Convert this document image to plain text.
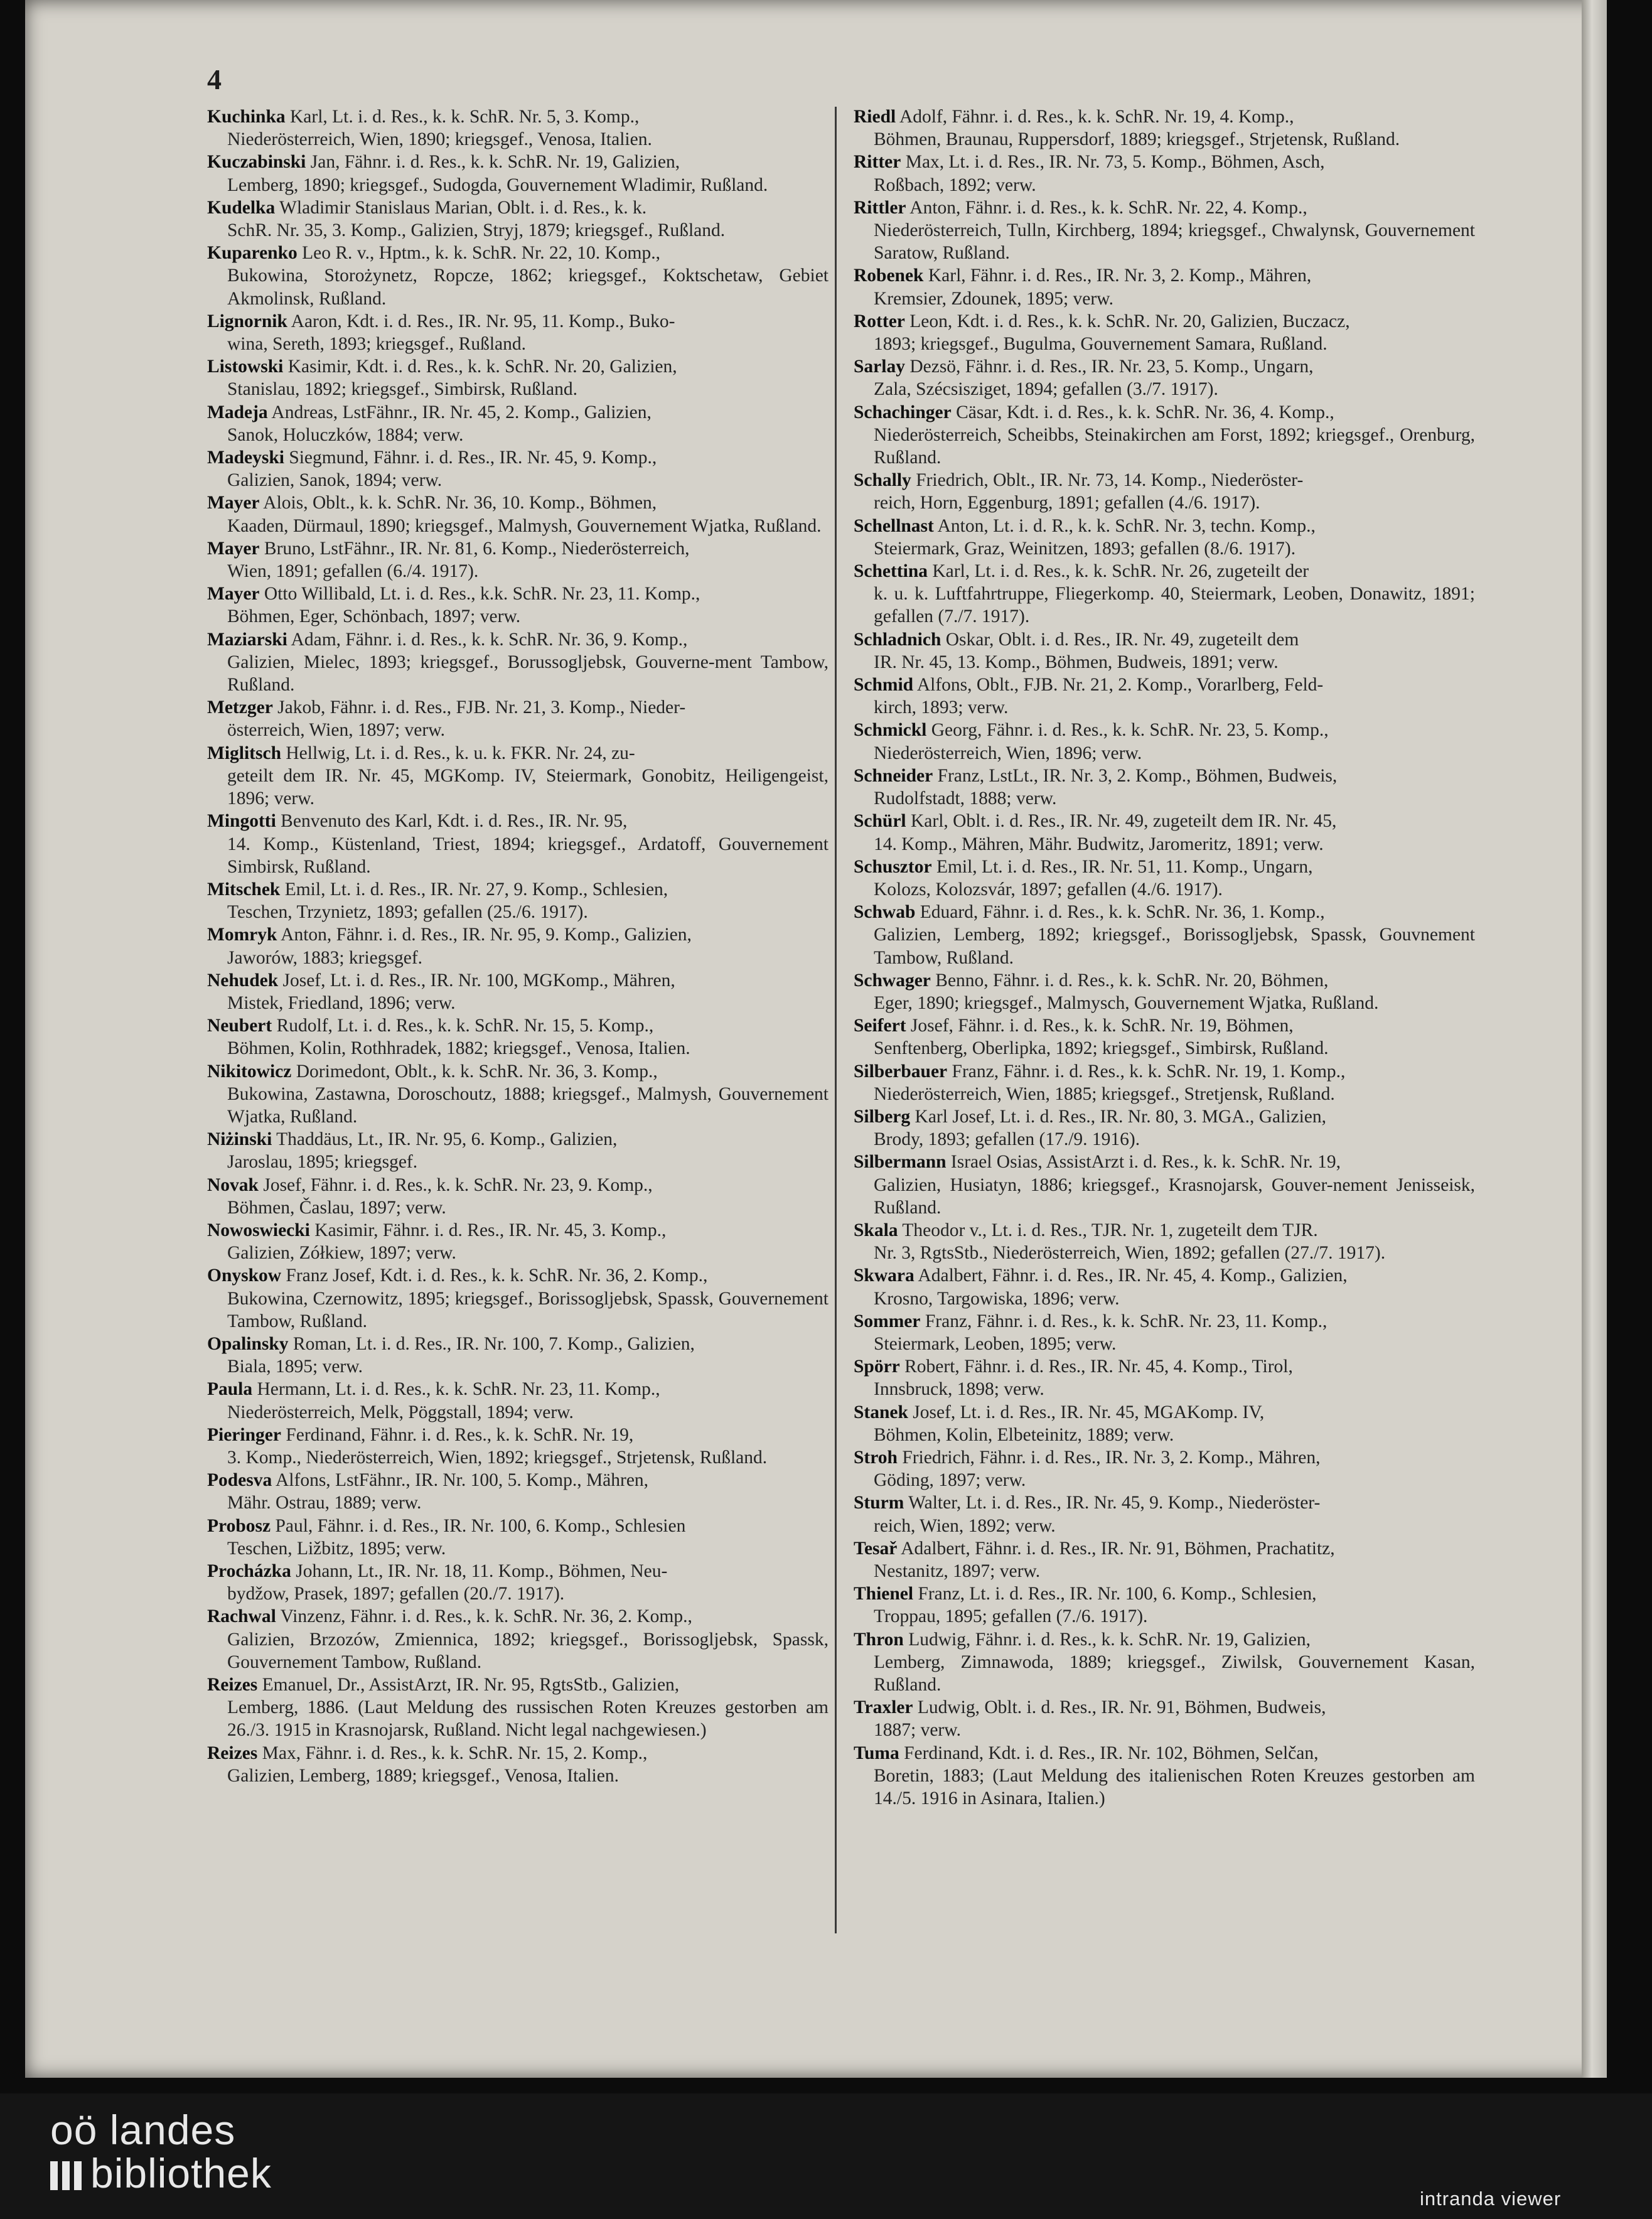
4
Kuchinka Karl, Lt. i. d. Res., k. k. SchR. Nr. 5, 3. Komp.,
Niederösterreich, Wien, 1890; kriegsgef., Venosa, Italien.
Kuczabinski Jan, Fähnr. i. d. Res., k. k. SchR. Nr. 19, Galizien,
Lemberg, 1890; kriegsgef., Sudogda, Gouvernement Wladimir, Rußland.
Kudelka Wladimir Stanislaus Marian, Oblt. i. d. Res., k. k.
SchR. Nr. 35, 3. Komp., Galizien, Stryj, 1879; kriegsgef., Rußland.
Kuparenko Leo R. v., Hptm., k. k. SchR. Nr. 22, 10. Komp.,
Bukowina, Storożynetz, Ropcze, 1862; kriegsgef., Koktschetaw, Gebiet Akmolinsk, Rußland.
Lignornik Aaron, Kdt. i. d. Res., IR. Nr. 95, 11. Komp., Buko-
wina, Sereth, 1893; kriegsgef., Rußland.
Listowski Kasimir, Kdt. i. d. Res., k. k. SchR. Nr. 20, Galizien,
Stanislau, 1892; kriegsgef., Simbirsk, Rußland.
Madeja Andreas, LstFähnr., IR. Nr. 45, 2. Komp., Galizien,
Sanok, Holuczków, 1884; verw.
Madeyski Siegmund, Fähnr. i. d. Res., IR. Nr. 45, 9. Komp.,
Galizien, Sanok, 1894; verw.
Mayer Alois, Oblt., k. k. SchR. Nr. 36, 10. Komp., Böhmen,
Kaaden, Dürmaul, 1890; kriegsgef., Malmysh, Gouvernement Wjatka, Rußland.
Mayer Bruno, LstFähnr., IR. Nr. 81, 6. Komp., Niederösterreich,
Wien, 1891; gefallen (6./4. 1917).
Mayer Otto Willibald, Lt. i. d. Res., k.k. SchR. Nr. 23, 11. Komp.,
Böhmen, Eger, Schönbach, 1897; verw.
Maziarski Adam, Fähnr. i. d. Res., k. k. SchR. Nr. 36, 9. Komp.,
Galizien, Mielec, 1893; kriegsgef., Borussogljebsk, Gouverne-ment Tambow, Rußland.
Metzger Jakob, Fähnr. i. d. Res., FJB. Nr. 21, 3. Komp., Nieder-
österreich, Wien, 1897; verw.
Miglitsch Hellwig, Lt. i. d. Res., k. u. k. FKR. Nr. 24, zu-
geteilt dem IR. Nr. 45, MGKomp. IV, Steiermark, Gonobitz, Heiligengeist, 1896; verw.
Mingotti Benvenuto des Karl, Kdt. i. d. Res., IR. Nr. 95,
14. Komp., Küstenland, Triest, 1894; kriegsgef., Ardatoff, Gouvernement Simbirsk, Rußland.
Mitschek Emil, Lt. i. d. Res., IR. Nr. 27, 9. Komp., Schlesien,
Teschen, Trzynietz, 1893; gefallen (25./6. 1917).
Momryk Anton, Fähnr. i. d. Res., IR. Nr. 95, 9. Komp., Galizien,
Jaworów, 1883; kriegsgef.
Nehudek Josef, Lt. i. d. Res., IR. Nr. 100, MGKomp., Mähren,
Mistek, Friedland, 1896; verw.
Neubert Rudolf, Lt. i. d. Res., k. k. SchR. Nr. 15, 5. Komp.,
Böhmen, Kolin, Rothhradek, 1882; kriegsgef., Venosa, Italien.
Nikitowicz Dorimedont, Oblt., k. k. SchR. Nr. 36, 3. Komp.,
Bukowina, Zastawna, Doroschoutz, 1888; kriegsgef., Malmysh, Gouvernement Wjatka, Rußland.
Niżinski Thaddäus, Lt., IR. Nr. 95, 6. Komp., Galizien,
Jaroslau, 1895; kriegsgef.
Novak Josef, Fähnr. i. d. Res., k. k. SchR. Nr. 23, 9. Komp.,
Böhmen, Časlau, 1897; verw.
Nowoswiecki Kasimir, Fähnr. i. d. Res., IR. Nr. 45, 3. Komp.,
Galizien, Zółkiew, 1897; verw.
Onyskow Franz Josef, Kdt. i. d. Res., k. k. SchR. Nr. 36, 2. Komp.,
Bukowina, Czernowitz, 1895; kriegsgef., Borissogljebsk, Spassk, Gouvernement Tambow, Rußland.
Opalinsky Roman, Lt. i. d. Res., IR. Nr. 100, 7. Komp., Galizien,
Biala, 1895; verw.
Paula Hermann, Lt. i. d. Res., k. k. SchR. Nr. 23, 11. Komp.,
Niederösterreich, Melk, Pöggstall, 1894; verw.
Pieringer Ferdinand, Fähnr. i. d. Res., k. k. SchR. Nr. 19,
3. Komp., Niederösterreich, Wien, 1892; kriegsgef., Strjetensk, Rußland.
Podesva Alfons, LstFähnr., IR. Nr. 100, 5. Komp., Mähren,
Mähr. Ostrau, 1889; verw.
Probosz Paul, Fähnr. i. d. Res., IR. Nr. 100, 6. Komp., Schlesien
Teschen, Ližbitz, 1895; verw.
Procházka Johann, Lt., IR. Nr. 18, 11. Komp., Böhmen, Neu-
bydžow, Prasek, 1897; gefallen (20./7. 1917).
Rachwal Vinzenz, Fähnr. i. d. Res., k. k. SchR. Nr. 36, 2. Komp.,
Galizien, Brzozów, Zmiennica, 1892; kriegsgef., Borissogljebsk, Spassk, Gouvernement Tambow, Rußland.
Reizes Emanuel, Dr., AssistArzt, IR. Nr. 95, RgtsStb., Galizien,
Lemberg, 1886. (Laut Meldung des russischen Roten Kreuzes gestorben am 26./3. 1915 in Krasnojarsk, Rußland. Nicht legal nachgewiesen.)
Reizes Max, Fähnr. i. d. Res., k. k. SchR. Nr. 15, 2. Komp.,
Galizien, Lemberg, 1889; kriegsgef., Venosa, Italien.
Riedl Adolf, Fähnr. i. d. Res., k. k. SchR. Nr. 19, 4. Komp.,
Böhmen, Braunau, Ruppersdorf, 1889; kriegsgef., Strjetensk, Rußland.
Ritter Max, Lt. i. d. Res., IR. Nr. 73, 5. Komp., Böhmen, Asch,
Roßbach, 1892; verw.
Rittler Anton, Fähnr. i. d. Res., k. k. SchR. Nr. 22, 4. Komp.,
Niederösterreich, Tulln, Kirchberg, 1894; kriegsgef., Chwalynsk, Gouvernement Saratow, Rußland.
Robenek Karl, Fähnr. i. d. Res., IR. Nr. 3, 2. Komp., Mähren,
Kremsier, Zdounek, 1895; verw.
Rotter Leon, Kdt. i. d. Res., k. k. SchR. Nr. 20, Galizien, Buczacz,
1893; kriegsgef., Bugulma, Gouvernement Samara, Rußland.
Sarlay Dezsö, Fähnr. i. d. Res., IR. Nr. 23, 5. Komp., Ungarn,
Zala, Szécsisziget, 1894; gefallen (3./7. 1917).
Schachinger Cäsar, Kdt. i. d. Res., k. k. SchR. Nr. 36, 4. Komp.,
Niederösterreich, Scheibbs, Steinakirchen am Forst, 1892; kriegsgef., Orenburg, Rußland.
Schally Friedrich, Oblt., IR. Nr. 73, 14. Komp., Niederöster-
reich, Horn, Eggenburg, 1891; gefallen (4./6. 1917).
Schellnast Anton, Lt. i. d. R., k. k. SchR. Nr. 3, techn. Komp.,
Steiermark, Graz, Weinitzen, 1893; gefallen (8./6. 1917).
Schettina Karl, Lt. i. d. Res., k. k. SchR. Nr. 26, zugeteilt der
k. u. k. Luftfahrtruppe, Fliegerkomp. 40, Steiermark, Leoben, Donawitz, 1891; gefallen (7./7. 1917).
Schladnich Oskar, Oblt. i. d. Res., IR. Nr. 49, zugeteilt dem
IR. Nr. 45, 13. Komp., Böhmen, Budweis, 1891; verw.
Schmid Alfons, Oblt., FJB. Nr. 21, 2. Komp., Vorarlberg, Feld-
kirch, 1893; verw.
Schmickl Georg, Fähnr. i. d. Res., k. k. SchR. Nr. 23, 5. Komp.,
Niederösterreich, Wien, 1896; verw.
Schneider Franz, LstLt., IR. Nr. 3, 2. Komp., Böhmen, Budweis,
Rudolfstadt, 1888; verw.
Schürl Karl, Oblt. i. d. Res., IR. Nr. 49, zugeteilt dem IR. Nr. 45,
14. Komp., Mähren, Mähr. Budwitz, Jaromeritz, 1891; verw.
Schusztor Emil, Lt. i. d. Res., IR. Nr. 51, 11. Komp., Ungarn,
Kolozs, Kolozsvár, 1897; gefallen (4./6. 1917).
Schwab Eduard, Fähnr. i. d. Res., k. k. SchR. Nr. 36, 1. Komp.,
Galizien, Lemberg, 1892; kriegsgef., Borissogljebsk, Spassk, Gouvnement Tambow, Rußland.
Schwager Benno, Fähnr. i. d. Res., k. k. SchR. Nr. 20, Böhmen,
Eger, 1890; kriegsgef., Malmysch, Gouvernement Wjatka, Rußland.
Seifert Josef, Fähnr. i. d. Res., k. k. SchR. Nr. 19, Böhmen,
Senftenberg, Oberlipka, 1892; kriegsgef., Simbirsk, Rußland.
Silberbauer Franz, Fähnr. i. d. Res., k. k. SchR. Nr. 19, 1. Komp.,
Niederösterreich, Wien, 1885; kriegsgef., Stretjensk, Rußland.
Silberg Karl Josef, Lt. i. d. Res., IR. Nr. 80, 3. MGA., Galizien,
Brody, 1893; gefallen (17./9. 1916).
Silbermann Israel Osias, AssistArzt i. d. Res., k. k. SchR. Nr. 19,
Galizien, Husiatyn, 1886; kriegsgef., Krasnojarsk, Gouver-nement Jenisseisk, Rußland.
Skala Theodor v., Lt. i. d. Res., TJR. Nr. 1, zugeteilt dem TJR.
Nr. 3, RgtsStb., Niederösterreich, Wien, 1892; gefallen (27./7. 1917).
Skwara Adalbert, Fähnr. i. d. Res., IR. Nr. 45, 4. Komp., Galizien,
Krosno, Targowiska, 1896; verw.
Sommer Franz, Fähnr. i. d. Res., k. k. SchR. Nr. 23, 11. Komp.,
Steiermark, Leoben, 1895; verw.
Spörr Robert, Fähnr. i. d. Res., IR. Nr. 45, 4. Komp., Tirol,
Innsbruck, 1898; verw.
Stanek Josef, Lt. i. d. Res., IR. Nr. 45, MGAKomp. IV,
Böhmen, Kolin, Elbeteinitz, 1889; verw.
Stroh Friedrich, Fähnr. i. d. Res., IR. Nr. 3, 2. Komp., Mähren,
Göding, 1897; verw.
Sturm Walter, Lt. i. d. Res., IR. Nr. 45, 9. Komp., Niederöster-
reich, Wien, 1892; verw.
Tesař Adalbert, Fähnr. i. d. Res., IR. Nr. 91, Böhmen, Prachatitz,
Nestanitz, 1897; verw.
Thienel Franz, Lt. i. d. Res., IR. Nr. 100, 6. Komp., Schlesien,
Troppau, 1895; gefallen (7./6. 1917).
Thron Ludwig, Fähnr. i. d. Res., k. k. SchR. Nr. 19, Galizien,
Lemberg, Zimnawoda, 1889; kriegsgef., Ziwilsk, Gouvernement Kasan, Rußland.
Traxler Ludwig, Oblt. i. d. Res., IR. Nr. 91, Böhmen, Budweis,
1887; verw.
Tuma Ferdinand, Kdt. i. d. Res., IR. Nr. 102, Böhmen, Selčan,
Boretin, 1883; (Laut Meldung des italienischen Roten Kreuzes gestorben am 14./5. 1916 in Asinara, Italien.)
oö landes
bibliothek
intranda viewer
